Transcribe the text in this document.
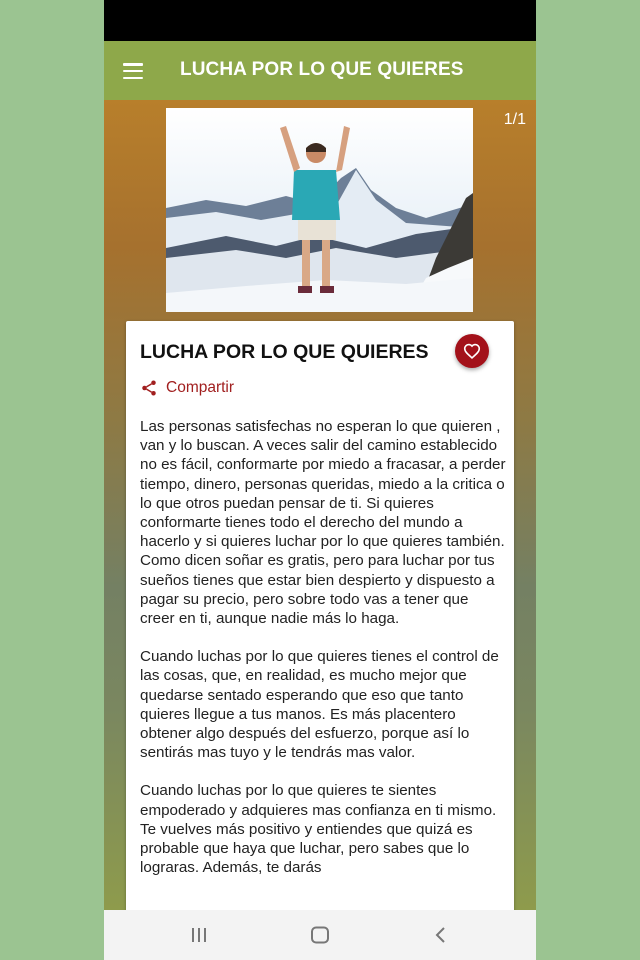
LUCHA POR LO QUE QUIERES
1/1
LUCHA POR LO QUE QUIERES
Compartir

Las personas satisfechas no esperan lo que quieren , van y lo buscan. A veces salir del camino establecido no es fácil, conformarte por miedo a fracasar, a perder tiempo, dinero, personas queridas, miedo a la critica o lo que otros puedan pensar de ti. Si quieres conformarte tienes todo el derecho del mundo a hacerlo y si quieres luchar por lo que quieres también. Como dicen soñar es gratis, pero para luchar por tus sueños tienes que estar bien despierto y dispuesto a pagar su precio, pero sobre todo vas a tener que creer en ti, aunque nadie más lo haga.

Cuando luchas por lo que quieres tienes el control de las cosas, que, en realidad, es mucho mejor que quedarse sentado esperando que eso que tanto quieres llegue a tus manos. Es más placentero obtener algo después del esfuerzo, porque así lo sentirás mas tuyo y le tendrás mas valor.

Cuando luchas por lo que quieres te sientes empoderado y adquieres mas confianza en ti mismo. Te vuelves más positivo y entiendes que quizá es probable que haya que luchar, pero sabes que lo lograras. Además, te darás
